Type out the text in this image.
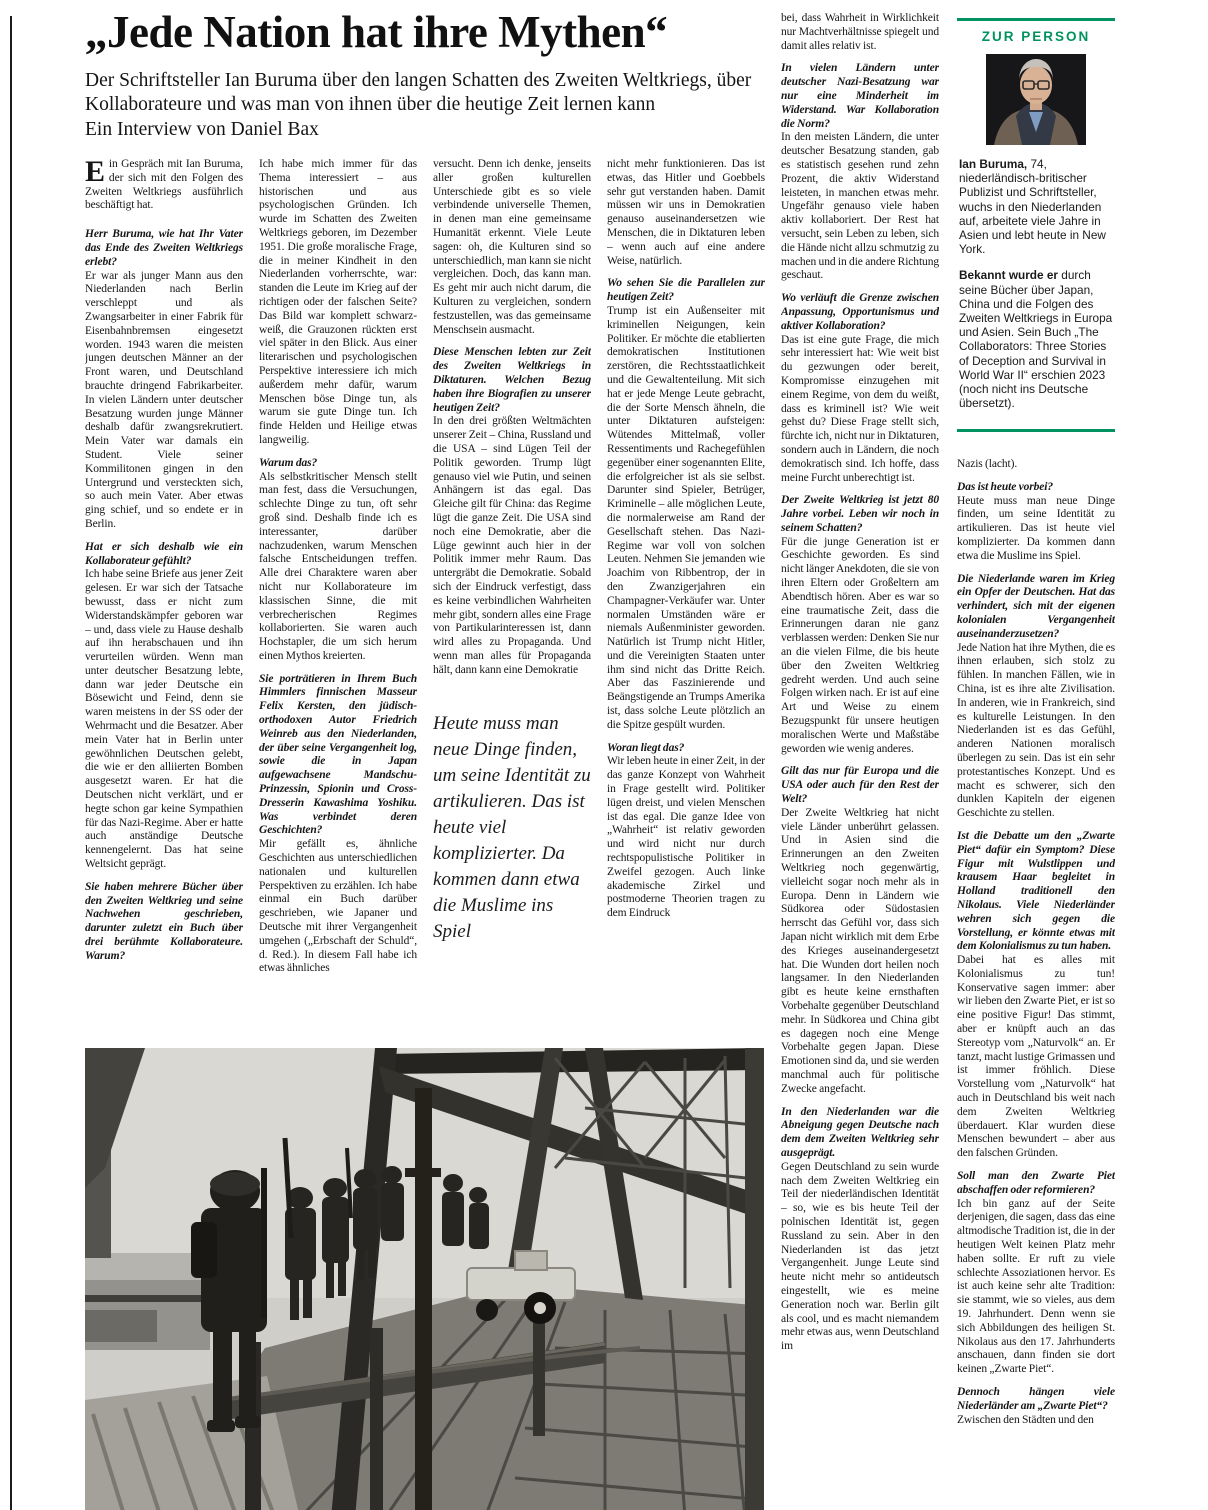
„Jede Nation hat ihre Mythen“

Der Schriftsteller Ian Buruma über den langen Schatten des Zweiten Weltkriegs, über Kollaborateure und was man von ihnen über die heutige Zeit lernen kann

Ein Interview von Daniel Bax

Ein Gespräch mit Ian Buruma, der sich mit den Folgen des Zweiten Weltkriegs ausführlich beschäftigt hat.

Herr Buruma, wie hat Ihr Vater das Ende des Zweiten Weltkriegs erlebt?

Er war als junger Mann aus den Niederlanden nach Berlin verschleppt und als Zwangsarbeiter in einer Fabrik für Eisenbahnbremsen eingesetzt worden. 1943 waren die meisten jungen deutschen Männer an der Front waren, und Deutschland brauchte dringend Fabrikarbeiter. In vielen Ländern unter deutscher Besatzung wurden junge Männer deshalb dafür zwangsrekrutiert. Mein Vater war damals ein Student. Viele seiner Kommilitonen gingen in den Untergrund und versteckten sich, so auch mein Vater. Aber etwas ging schief, und so endete er in Berlin.

Hat er sich deshalb wie ein Kollaborateur gefühlt?

Ich habe seine Briefe aus jener Zeit gelesen. Er war sich der Tatsache bewusst, dass er nicht zum Widerstandskämpfer geboren war – und, dass viele zu Hause deshalb auf ihn herabschauen und ihn verurteilen würden. Wenn man unter deutscher Besatzung lebte, dann war jeder Deutsche ein Bösewicht und Feind, denn sie waren meistens in der SS oder der Wehrmacht und die Besatzer. Aber mein Vater hat in Berlin unter gewöhnlichen Deutschen gelebt, die wie er den alliierten Bomben ausgesetzt waren. Er hat die Deutschen nicht verklärt, und er hegte schon gar keine Sympathien für das Nazi-Regime. Aber er hatte auch anständige Deutsche kennengelernt. Das hat seine Weltsicht geprägt.

Sie haben mehrere Bücher über den Zweiten Weltkrieg und seine Nachwehen geschrieben, darunter zuletzt ein Buch über drei berühmte Kollaborateure. Warum?

Ich habe mich immer für das Thema interessiert – aus historischen und aus psychologischen Gründen. Ich wurde im Schatten des Zweiten Weltkriegs geboren, im Dezember 1951. Die große moralische Frage, die in meiner Kindheit in den Niederlanden vorherrschte, war: standen die Leute im Krieg auf der richtigen oder der falschen Seite? Das Bild war komplett schwarz-weiß, die Grauzonen rückten erst viel später in den Blick. Aus einer literarischen und psychologischen Perspektive interessiere ich mich außerdem mehr dafür, warum Menschen böse Dinge tun, als warum sie gute Dinge tun. Ich finde Helden und Heilige etwas langweilig.

Warum das?

Als selbstkritischer Mensch stellt man fest, dass die Versuchungen, schlechte Dinge zu tun, oft sehr groß sind. Deshalb finde ich es interessanter, darüber nachzudenken, warum Menschen falsche Entscheidungen treffen. Alle drei Charaktere waren aber nicht nur Kollaborateure im klassischen Sinne, die mit verbrecherischen Regimes kollaborierten. Sie waren auch Hochstapler, die um sich herum einen Mythos kreierten.

Sie porträtieren in Ihrem Buch Himmlers finnischen Masseur Felix Kersten, den jüdisch-orthodoxen Autor Friedrich Weinreb aus den Niederlanden, der über seine Vergangenheit log, sowie die in Japan aufgewachsene Mandschu-Prinzessin, Spionin und Cross-Dresserin Kawashima Yoshiku. Was verbindet deren Geschichten?

Mir gefällt es, ähnliche Geschichten aus unterschiedlichen nationalen und kulturellen Perspektiven zu erzählen. Ich habe einmal ein Buch darüber geschrieben, wie Japaner und Deutsche mit ihrer Vergangenheit umgehen („Erbschaft der Schuld“, d. Red.). In diesem Fall habe ich etwas ähnliches

versucht. Denn ich denke, jenseits aller großen kulturellen Unterschiede gibt es so viele verbindende universelle Themen, in denen man eine gemeinsame Humanität erkennt. Viele Leute sagen: oh, die Kulturen sind so unterschiedlich, man kann sie nicht vergleichen. Doch, das kann man. Es geht mir auch nicht darum, die Kulturen zu vergleichen, sondern festzustellen, was das gemeinsame Menschsein ausmacht.

Diese Menschen lebten zur Zeit des Zweiten Weltkriegs in Diktaturen. Welchen Bezug haben ihre Biografien zu unserer heutigen Zeit?

In den drei größten Weltmächten unserer Zeit – China, Russland und die USA – sind Lügen Teil der Politik geworden. Trump lügt genauso viel wie Putin, und seinen Anhängern ist das egal. Das Gleiche gilt für China: das Regime lügt die ganze Zeit. Die USA sind noch eine Demokratie, aber die Lüge gewinnt auch hier in der Politik immer mehr Raum. Das untergräbt die Demokratie. Sobald sich der Eindruck verfestigt, dass es keine verbindlichen Wahrheiten mehr gibt, sondern alles eine Frage von Partikularinteressen ist, dann wird alles zu Propaganda. Und wenn man alles für Propaganda hält, dann kann eine Demokratie

Heute muss man neue Dinge finden, um seine Identität zu artikulieren. Das ist heute viel komplizierter. Da kommen dann etwa die Muslime ins Spiel

nicht mehr funktionieren. Das ist etwas, das Hitler und Goebbels sehr gut verstanden haben. Damit müssen wir uns in Demokratien genauso auseinandersetzen wie Menschen, die in Diktaturen leben – wenn auch auf eine andere Weise, natürlich.

Wo sehen Sie die Parallelen zur heutigen Zeit?

Trump ist ein Außenseiter mit kriminellen Neigungen, kein Politiker. Er möchte die etablierten demokratischen Institutionen zerstören, die Rechtsstaatlichkeit und die Gewaltenteilung. Mit sich hat er jede Menge Leute gebracht, die der Sorte Mensch ähneln, die unter Diktaturen aufsteigen: Wütendes Mittelmaß, voller Ressentiments und Rachegefühlen gegenüber einer sogenannten Elite, die erfolgreicher ist als sie selbst. Darunter sind Spieler, Betrüger, Kriminelle – alle möglichen Leute, die normalerweise am Rand der Gesellschaft stehen. Das Nazi-Regime war voll von solchen Leuten. Nehmen Sie jemanden wie Joachim von Ribbentrop, der in den Zwanzigerjahren ein Champagner-Verkäufer war. Unter normalen Umständen wäre er niemals Außenminister geworden. Natürlich ist Trump nicht Hitler, und die Vereinigten Staaten unter ihm sind nicht das Dritte Reich. Aber das Faszinierende und Beängstigende an Trumps Amerika ist, dass solche Leute plötzlich an die Spitze gespült wurden.

Woran liegt das?

Wir leben heute in einer Zeit, in der das ganze Konzept von Wahrheit in Frage gestellt wird. Politiker lügen dreist, und vielen Menschen ist das egal. Die ganze Idee von „Wahrheit“ ist relativ geworden und wird nicht nur durch rechtspopulistische Politiker in Zweifel gezogen. Auch linke akademische Zirkel und postmoderne Theorien tragen zu dem Eindruck

bei, dass Wahrheit in Wirklichkeit nur Machtverhältnisse spiegelt und damit alles relativ ist.

In vielen Ländern unter deutscher Nazi-Besatzung war nur eine Minderheit im Widerstand. War Kollaboration die Norm?

In den meisten Ländern, die unter deutscher Besatzung standen, gab es statistisch gesehen rund zehn Prozent, die aktiv Widerstand leisteten, in manchen etwas mehr. Ungefähr genauso viele haben aktiv kollaboriert. Der Rest hat versucht, sein Leben zu leben, sich die Hände nicht allzu schmutzig zu machen und in die andere Richtung geschaut.

Wo verläuft die Grenze zwischen Anpassung, Opportunismus und aktiver Kollaboration?

Das ist eine gute Frage, die mich sehr interessiert hat: Wie weit bist du gezwungen oder bereit, Kompromisse einzugehen mit einem Regime, von dem du weißt, dass es kriminell ist? Wie weit gehst du? Diese Frage stellt sich, fürchte ich, nicht nur in Diktaturen, sondern auch in Ländern, die noch demokratisch sind. Ich hoffe, dass meine Furcht unberechtigt ist.

Der Zweite Weltkrieg ist jetzt 80 Jahre vorbei. Leben wir noch in seinem Schatten?

Für die junge Generation ist er Geschichte geworden. Es sind nicht länger Anekdoten, die sie von ihren Eltern oder Großeltern am Abendtisch hören. Aber es war so eine traumatische Zeit, dass die Erinnerungen daran nie ganz verblassen werden: Denken Sie nur an die vielen Filme, die bis heute über den Zweiten Weltkrieg gedreht werden. Und auch seine Folgen wirken nach. Er ist auf eine Art und Weise zu einem Bezugspunkt für unsere heutigen moralischen Werte und Maßstäbe geworden wie wenig anderes.

Gilt das nur für Europa und die USA oder auch für den Rest der Welt?

Der Zweite Weltkrieg hat nicht viele Länder unberührt gelassen. Und in Asien sind die Erinnerungen an den Zweiten Weltkrieg noch gegenwärtig, vielleicht sogar noch mehr als in Europa. Denn in Ländern wie Südkorea oder Südostasien herrscht das Gefühl vor, dass sich Japan nicht wirklich mit dem Erbe des Krieges auseinandergesetzt hat. Die Wunden dort heilen noch langsamer. In den Niederlanden gibt es heute keine ernsthaften Vorbehalte gegenüber Deutschland mehr. In Südkorea und China gibt es dagegen noch eine Menge Vorbehalte gegen Japan. Diese Emotionen sind da, und sie werden manchmal auch für politische Zwecke angefacht.

In den Niederlanden war die Abneigung gegen Deutsche nach dem dem Zweiten Weltkrieg sehr ausgeprägt.

Gegen Deutschland zu sein wurde nach dem Zweiten Weltkrieg ein Teil der niederländischen Identität – so, wie es bis heute Teil der polnischen Identität ist, gegen Russland zu sein. Aber in den Niederlanden ist das jetzt Vergangenheit. Junge Leute sind heute nicht mehr so antideutsch eingestellt, wie es meine Generation noch war. Berlin gilt als cool, und es macht niemandem mehr etwas aus, wenn Deutschland im

Nazis (lacht).

Das ist heute vorbei?

Heute muss man neue Dinge finden, um seine Identität zu artikulieren. Das ist heute viel komplizierter. Da kommen dann etwa die Muslime ins Spiel.

Die Niederlande waren im Krieg ein Opfer der Deutschen. Hat das verhindert, sich mit der eigenen kolonialen Vergangenheit auseinanderzusetzen?

Jede Nation hat ihre Mythen, die es ihnen erlauben, sich stolz zu fühlen. In manchen Fällen, wie in China, ist es ihre alte Zivilisation. In anderen, wie in Frankreich, sind es kulturelle Leistungen. In den Niederlanden ist es das Gefühl, anderen Nationen moralisch überlegen zu sein. Das ist ein sehr protestantisches Konzept. Und es macht es schwerer, sich den dunklen Kapiteln der eigenen Geschichte zu stellen.

Ist die Debatte um den „Zwarte Piet“ dafür ein Symptom? Diese Figur mit Wulstlippen und krausem Haar begleitet in Holland traditionell den Nikolaus. Viele Niederländer wehren sich gegen die Vorstellung, er könnte etwas mit dem Kolonialismus zu tun haben.

Dabei hat es alles mit Kolonialismus zu tun! Konservative sagen immer: aber wir lieben den Zwarte Piet, er ist so eine positive Figur! Das stimmt, aber er knüpft auch an das Stereotyp vom „Naturvolk“ an. Er tanzt, macht lustige Grimassen und ist immer fröhlich. Diese Vorstellung vom „Naturvolk“ hat auch in Deutschland bis weit nach dem Zweiten Weltkrieg überdauert. Klar wurden diese Menschen bewundert – aber aus den falschen Gründen.

Soll man den Zwarte Piet abschaffen oder reformieren?

Ich bin ganz auf der Seite derjenigen, die sagen, dass das eine altmodische Tradition ist, die in der heutigen Welt keinen Platz mehr haben sollte. Er ruft zu viele schlechte Assoziationen hervor. Es ist auch keine sehr alte Tradition: sie stammt, wie so vieles, aus dem 19. Jahrhundert. Denn wenn sie sich Abbildungen des heiligen St. Nikolaus aus den 17. Jahrhunderts anschauen, dann finden sie dort keinen „Zwarte Piet“.

Dennoch hängen viele Niederländer am „Zwarte Piet“?

Zwischen den Städten und den

ZUR PERSON

Ian Buruma, 74, niederländisch-britischer Publizist und Schriftsteller, wuchs in den Niederlanden auf, arbeitete viele Jahre in Asien und lebt heute in New York.

Bekannt wurde er durch seine Bücher über Japan, China und die Folgen des Zweiten Weltkriegs in Europa und Asien. Sein Buch „The Collaborators: Three Stories of Deception and Survival in World War II“ erschien 2023 (noch nicht ins Deutsche übersetzt).
